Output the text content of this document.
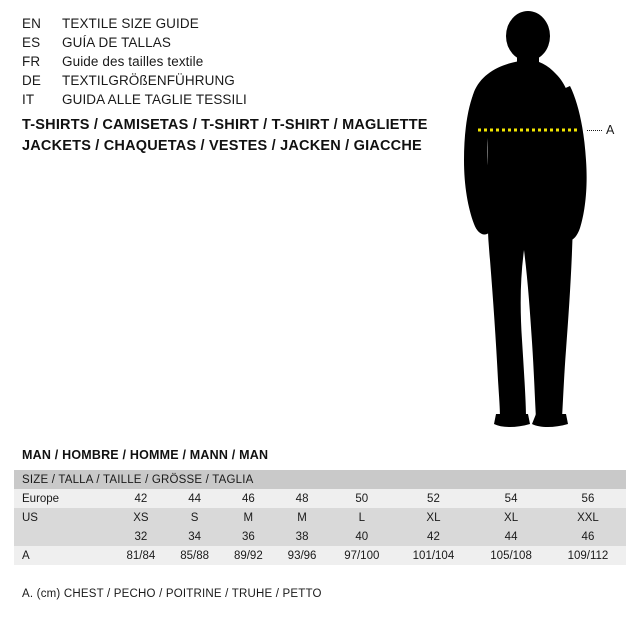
EN	TEXTILE SIZE GUIDE
ES	GUÍA DE TALLAS
FR	Guide des tailles textile
DE	TEXTILGRÖßENFÜHRUNG
IT	GUIDA ALLE TAGLIE TESSILI
T-SHIRTS / CAMISETAS / T-SHIRT / T-SHIRT / MAGLIETTE
JACKETS / CHAQUETAS / VESTES / JACKEN / GIACCHE
A
MAN / HOMBRE / HOMME / MANN / MAN
SIZE / TALLA / TAILLE / GRÖSSE / TAGLIA								
Europe	42	44	46	48	50	52	54	56
US	XS	S	M	M	L	XL	XL	XXL
	32	34	36	38	40	42	44	46
A	81/84	85/88	89/92	93/96	97/100	101/104	105/108	109/112
A. (cm) CHEST / PECHO / POITRINE / TRUHE / PETTO
